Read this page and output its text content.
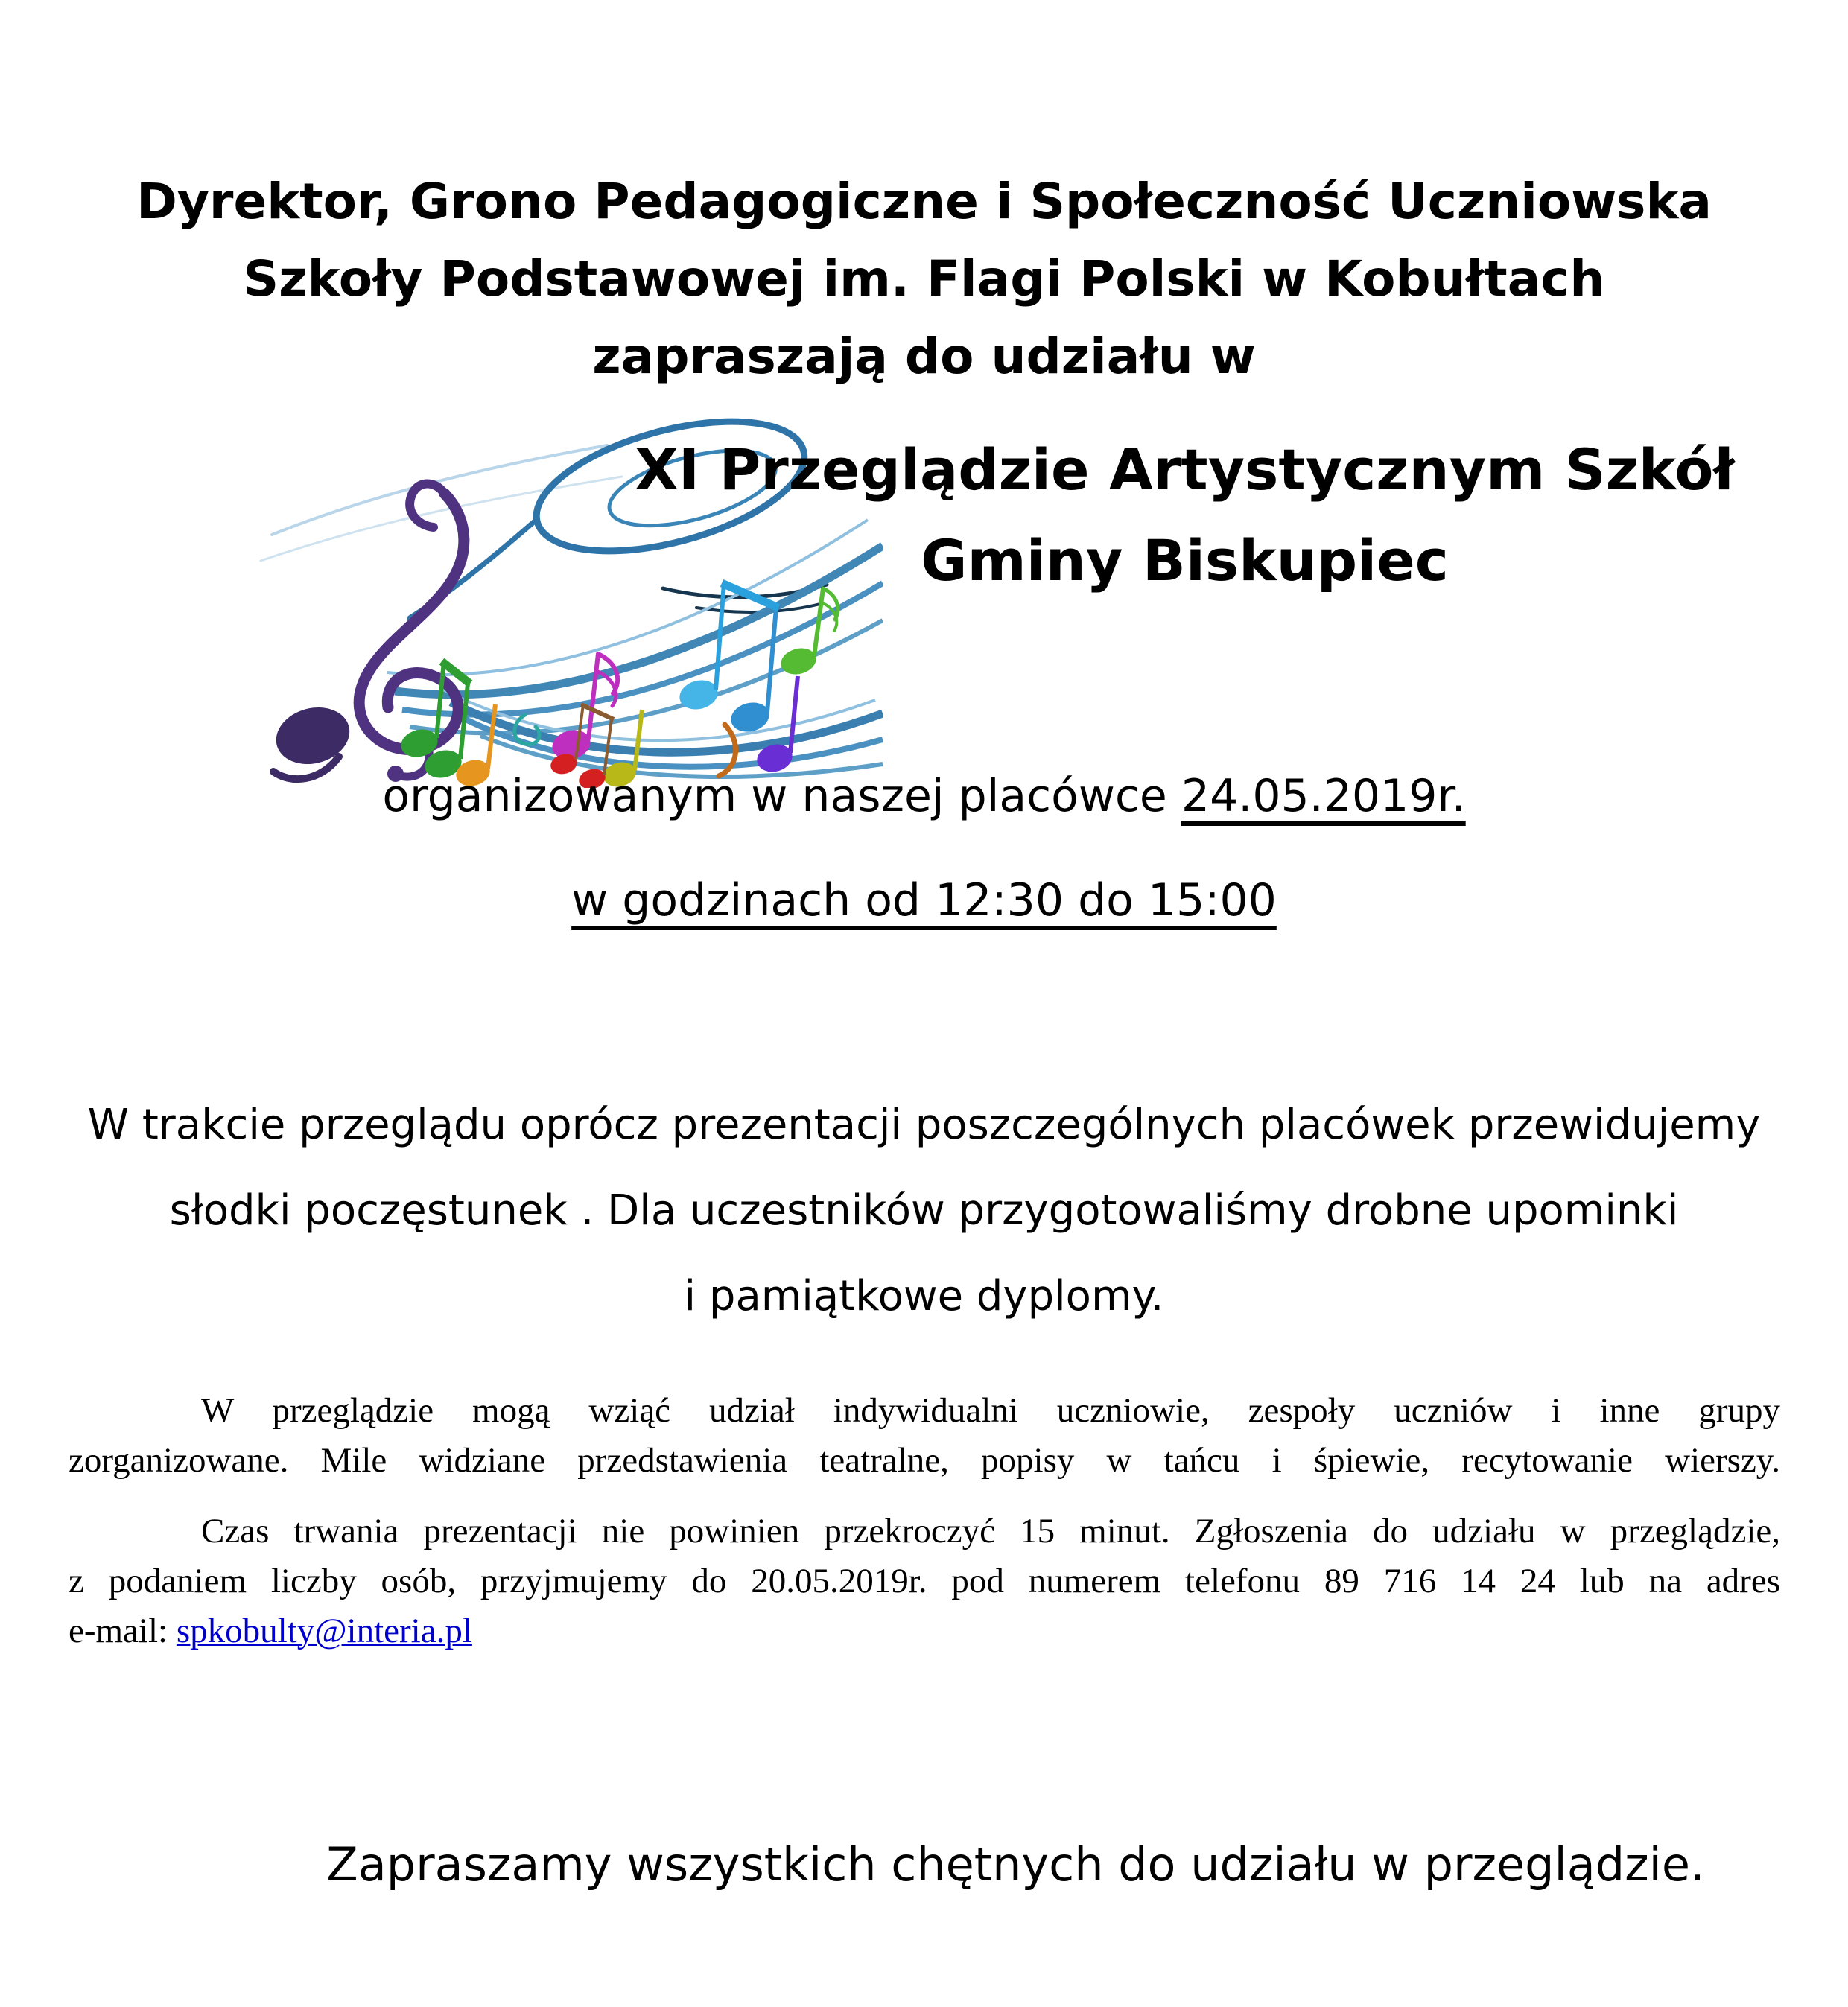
Dyrektor, Grono Pedagogiczne i Społeczność Uczniowska
Szkoły Podstawowej im. Flagi Polski w Kobułtach
zapraszają do udziału w
XI Przeglądzie Artystycznym Szkół
Gminy Biskupiec
organizowanym w naszej placówce 24.05.2019r.
w godzinach od 12:30 do 15:00
W trakcie przeglądu oprócz prezentacji poszczególnych placówek przewidujemy
słodki poczęstunek . Dla uczestników przygotowaliśmy drobne upominki
i pamiątkowe dyplomy.
W przeglądzie mogą wziąć udział indywidualni uczniowie, zespoły uczniów i inne grupy
zorganizowane. Mile widziane przedstawienia teatralne, popisy w tańcu i śpiewie, recytowanie wierszy.
Czas trwania prezentacji nie powinien przekroczyć 15 minut. Zgłoszenia do udziału w przeglądzie,
z podaniem liczby osób, przyjmujemy do 20.05.2019r. pod numerem telefonu 89 716 14 24 lub na adres
e-mail: spkobulty@interia.pl
Zapraszamy wszystkich chętnych do udziału w przeglądzie.
